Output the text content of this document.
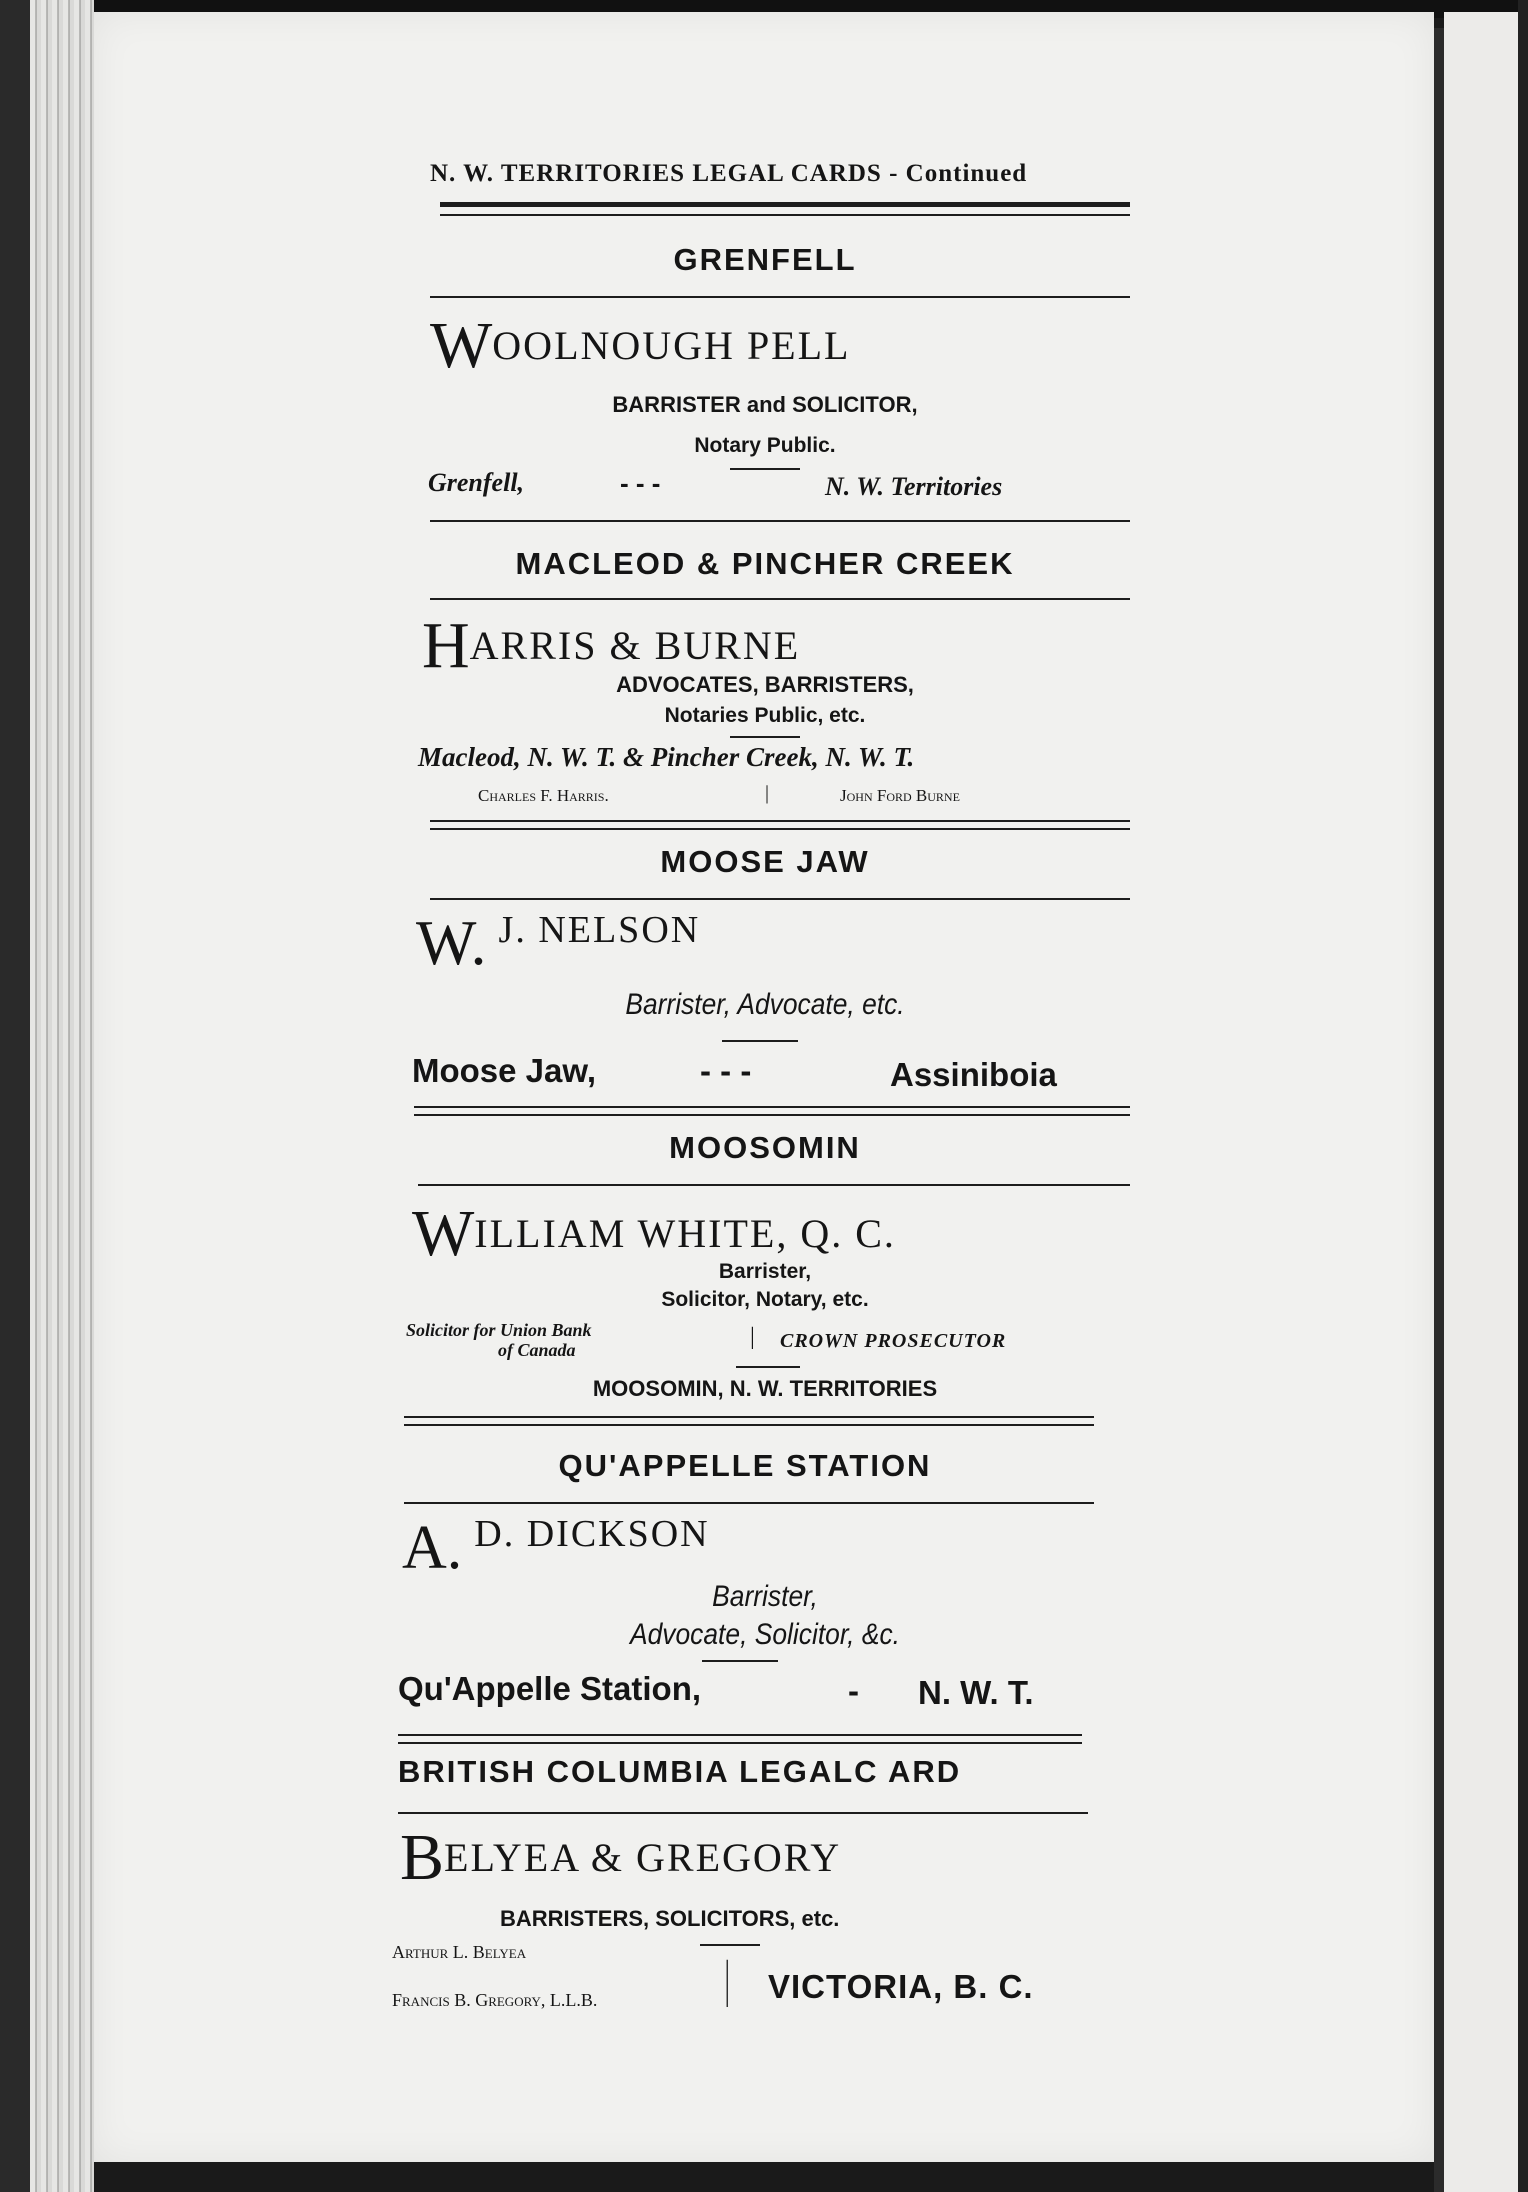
N. W. TERRITORIES LEGAL CARDS - Continued
GRENFELL
WOOLNOUGH PELL
BARRISTER and SOLICITOR,
Notary Public.
Grenfell,	- - -	N. W. Territories
MACLEOD & PINCHER CREEK
HARRIS & BURNE
ADVOCATES, BARRISTERS,
Notaries Public, etc.
Macleod, N. W. T. & Pincher Creek, N. W. T.
Charles F. Harris.	|	John Ford Burne
MOOSE JAW
W. J. NELSON
Barrister, Advocate, etc.
Moose Jaw,	- - -	Assiniboia
MOOSOMIN
WILLIAM WHITE, Q. C.
Barrister,
Solicitor, Notary, etc.
Solicitor for Union Bank
of Canada	| CROWN PROSECUTOR
MOOSOMIN, N. W. TERRITORIES
QU'APPELLE STATION
A. D. DICKSON
Barrister,
Advocate, Solicitor, &c.
Qu'Appelle Station,	- N. W. T.
BRITISH COLUMBIA LEGALC ARD
BELYEA & GREGORY
BARRISTERS, SOLICITORS, etc.
Arthur L. Belyea
Francis B. Gregory, L.L.B. | VICTORIA, B. C.
